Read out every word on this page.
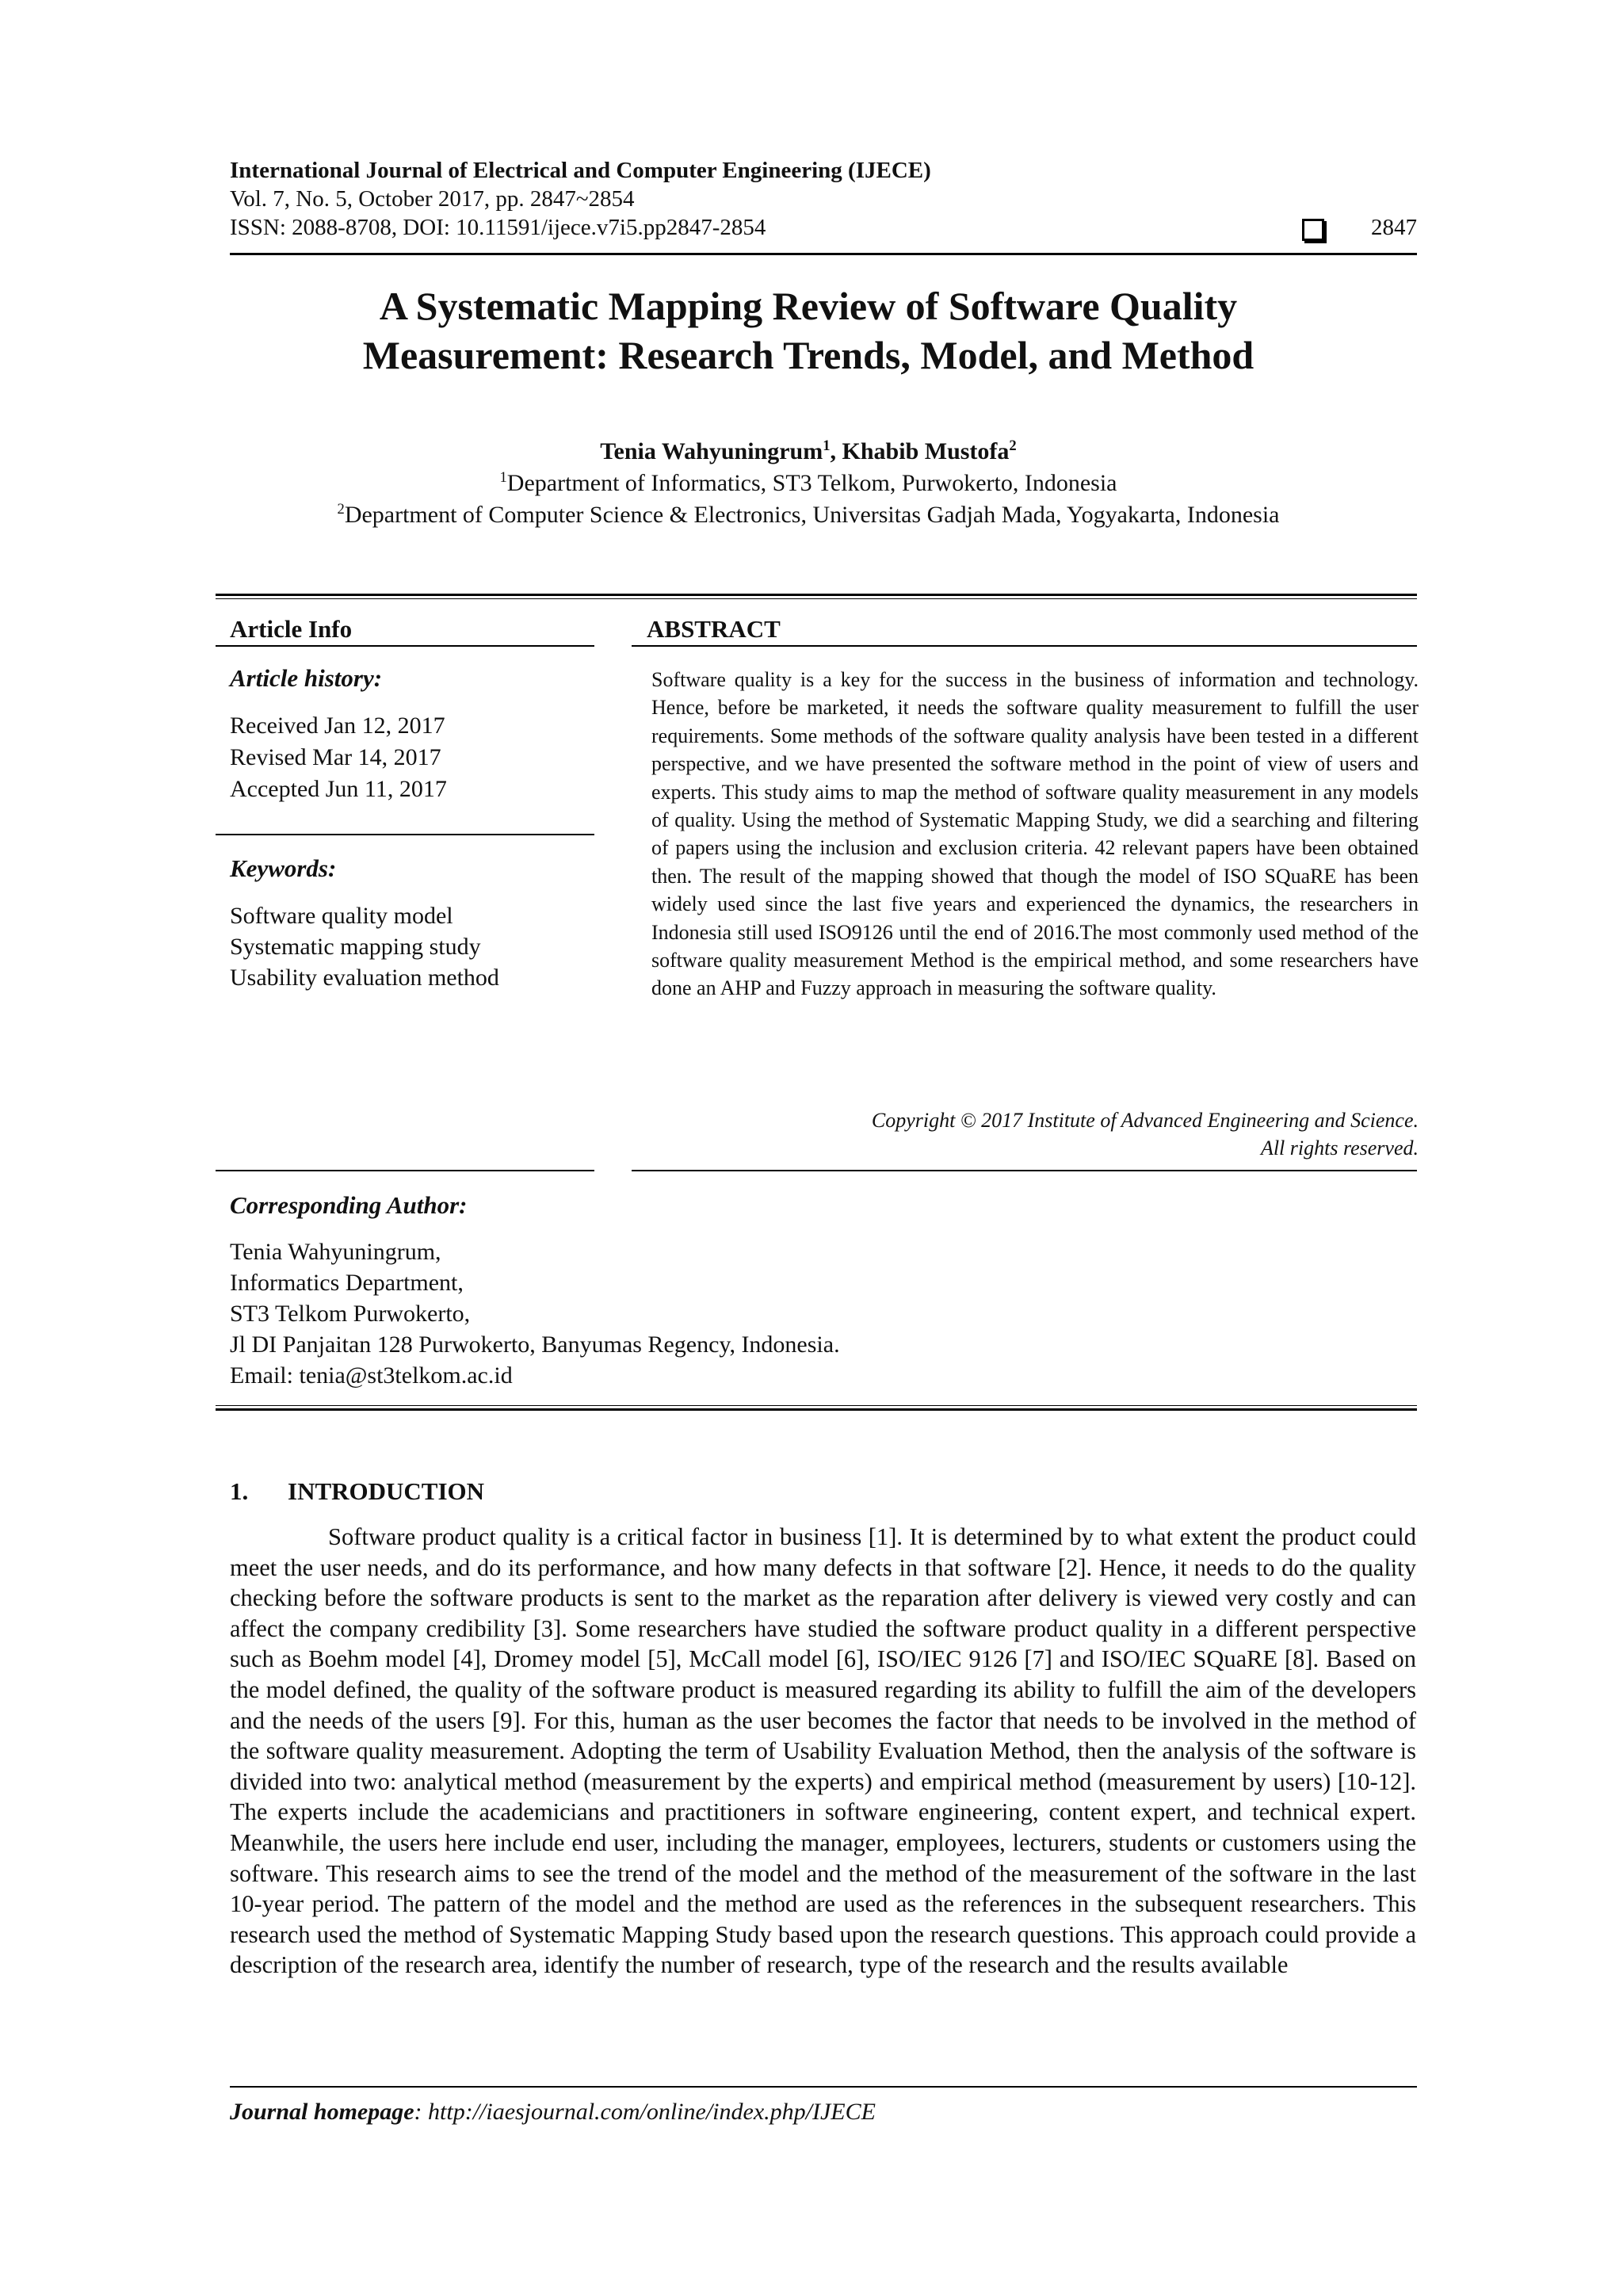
International Journal of Electrical and Computer Engineering (IJECE)
Vol. 7, No. 5, October 2017, pp. 2847~2854
ISSN: 2088-8708, DOI: 10.11591/ijece.v7i5.pp2847-2854	2847
A Systematic Mapping Review of Software Quality
Measurement: Research Trends, Model, and Method
Tenia Wahyuningrum$^1$, Khabib Mustofa$^2$
$^1$Department of Informatics, ST3 Telkom, Purwokerto, Indonesia
$^2$Department of Computer Science & Electronics, Universitas Gadjah Mada, Yogyakarta, Indonesia
Article Info
Article history:
Received Jan 12, 2017
Revised Mar 14, 2017
Accepted Jun 11, 2017
Keywords:
Software quality model
Systematic mapping study
Usability evaluation method
ABSTRACT
Software quality is a key for the success in the business of information and technology. Hence, before be marketed, it needs the software quality measurement to fulfill the user requirements. Some methods of the software quality analysis have been tested in a different perspective, and we have presented the software method in the point of view of users and experts. This study aims to map the method of software quality measurement in any models of quality. Using the method of Systematic Mapping Study, we did a searching and filtering of papers using the inclusion and exclusion criteria. 42 relevant papers have been obtained then. The result of the mapping showed that though the model of ISO SQuaRE has been widely used since the last five years and experienced the dynamics, the researchers in Indonesia still used ISO9126 until the end of 2016.The most commonly used method of the software quality measurement Method is the empirical method, and some researchers have done an AHP and Fuzzy approach in measuring the software quality.
Copyright © 2017 Institute of Advanced Engineering and Science.
All rights reserved.
Corresponding Author:
Tenia Wahyuningrum,
Informatics Department,
ST3 Telkom Purwokerto,
Jl DI Panjaitan 128 Purwokerto, Banyumas Regency, Indonesia.
Email: tenia@st3telkom.ac.id
1. INTRODUCTION

Software product quality is a critical factor in business [1]. It is determined by to what extent the product could meet the user needs, and do its performance, and how many defects in that software [2]. Hence, it needs to do the quality checking before the software products is sent to the market as the reparation after delivery is viewed very costly and can affect the company credibility [3]. Some researchers have studied the software product quality in a different perspective such as Boehm model [4], Dromey model [5], McCall model [6], ISO/IEC 9126 [7] and ISO/IEC SQuaRE [8]. Based on the model defined, the quality of the software product is measured regarding its ability to fulfill the aim of the developers and the needs of the users [9]. For this, human as the user becomes the factor that needs to be involved in the method of the software quality measurement. Adopting the term of Usability Evaluation Method, then the analysis of the software is divided into two: analytical method (measurement by the experts) and empirical method (measurement by users) [10-12]. The experts include the academicians and practitioners in software engineering, content expert, and technical expert. Meanwhile, the users here include end user, including the manager, employees, lecturers, students or customers using the software. This research aims to see the trend of the model and the method of the measurement of the software in the last 10-year period. The pattern of the model and the method are used as the references in the subsequent researchers. This research used the method of Systematic Mapping Study based upon the research questions. This approach could provide a description of the research area, identify the number of research, type of the research and the results available

Journal homepage: http://iaesjournal.com/online/index.php/IJECE
